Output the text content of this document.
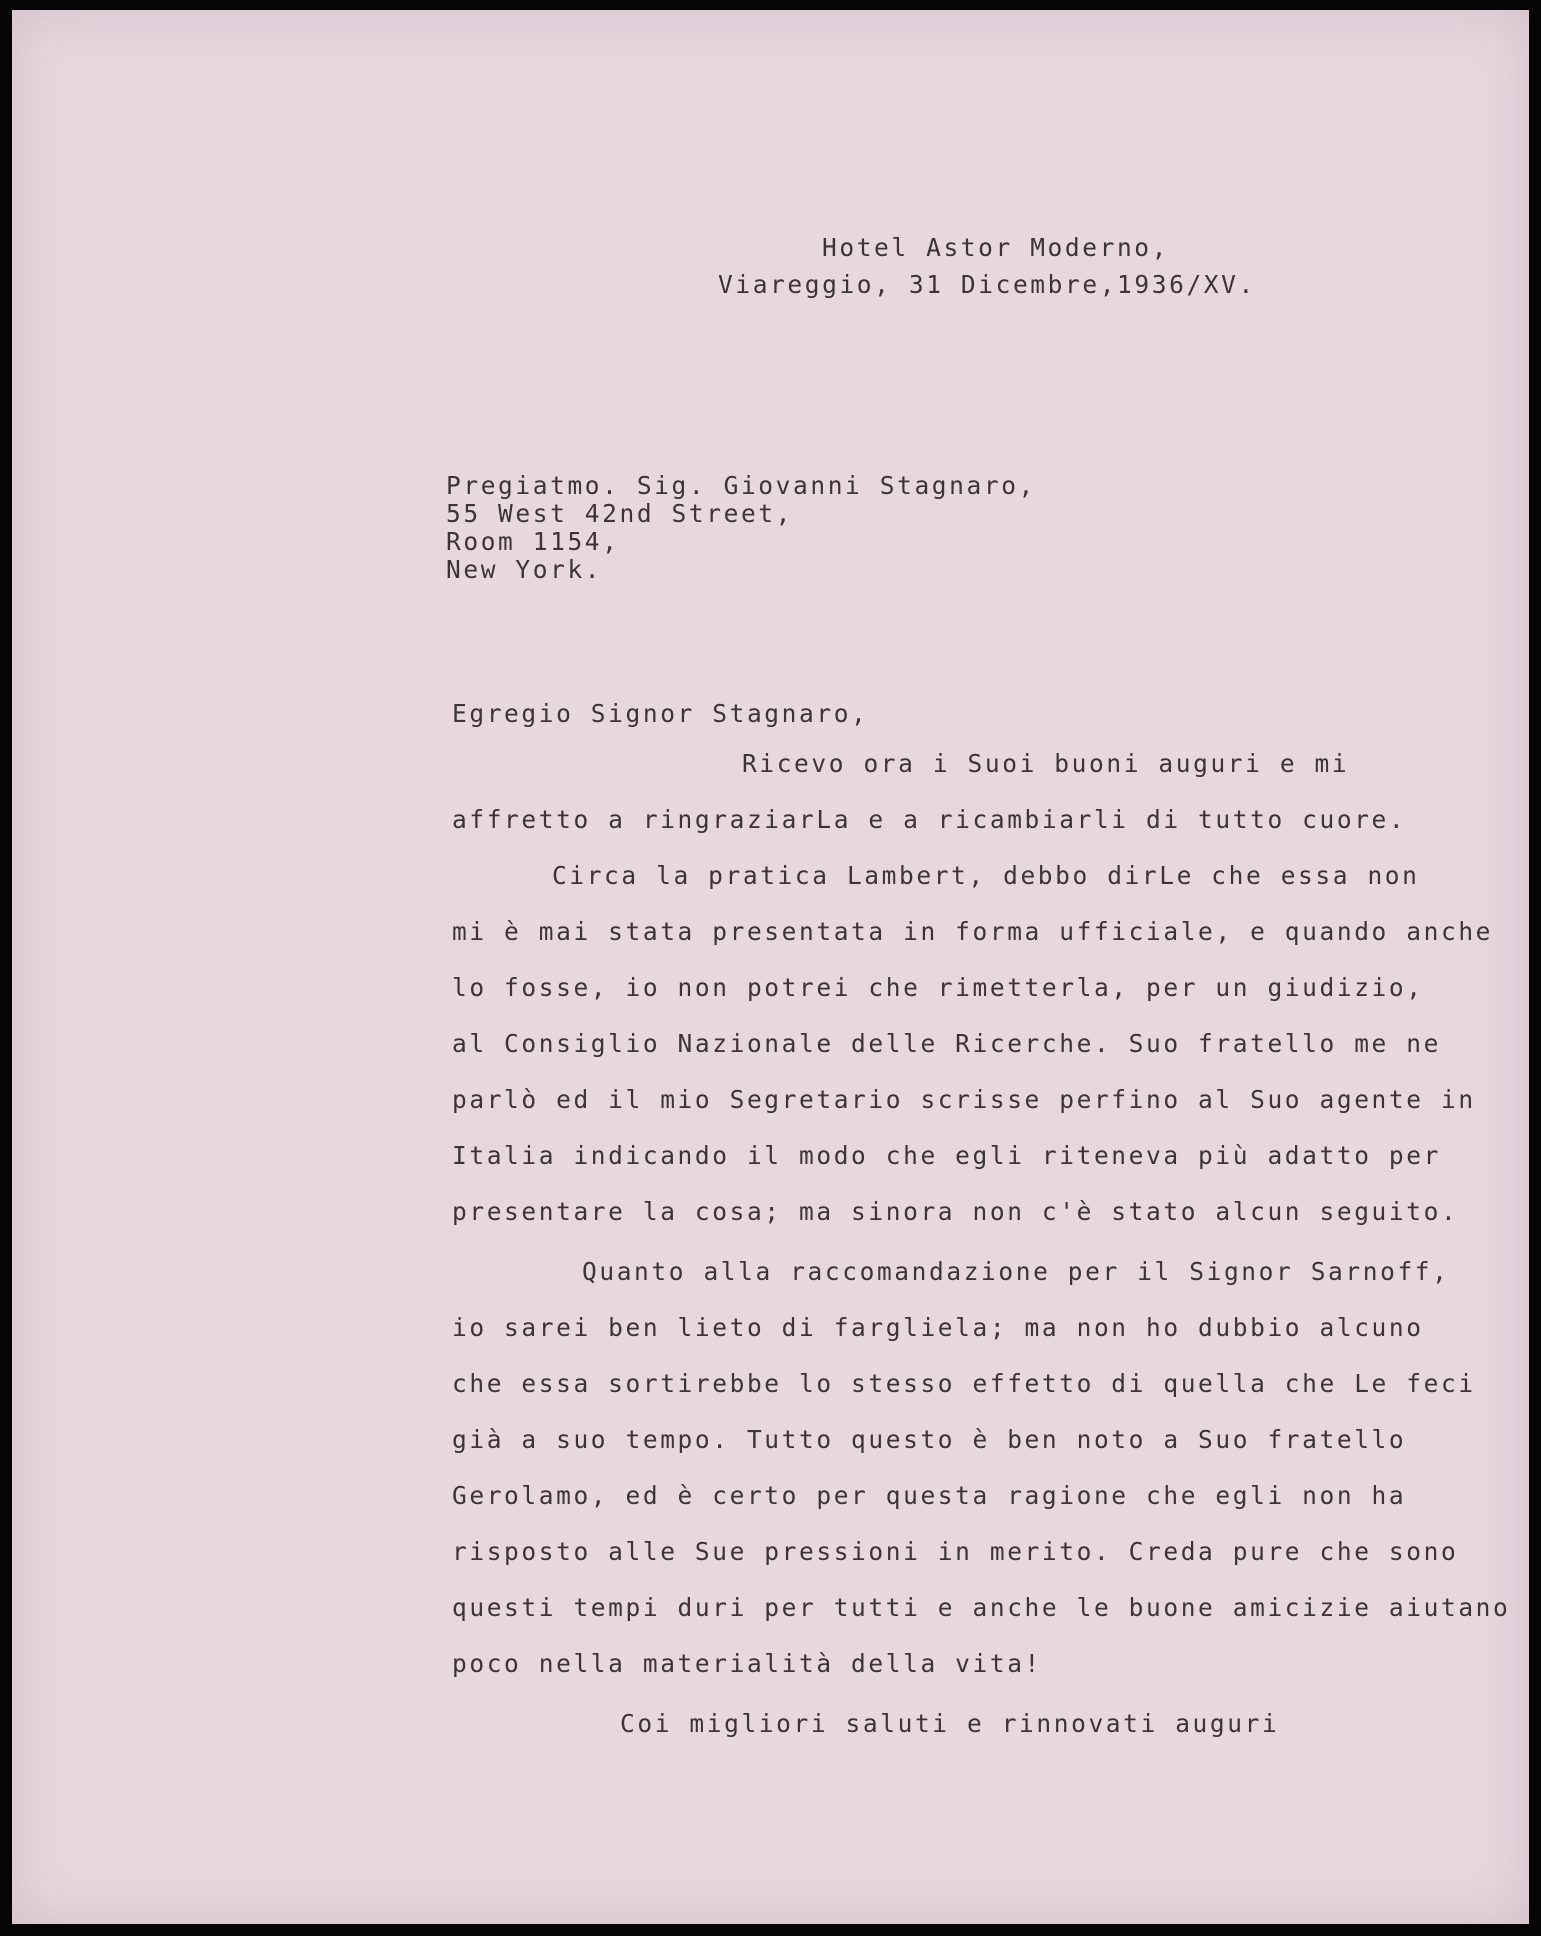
Hotel Astor Moderno,

Viareggio, 31 Dicembre,1936/XV.

Pregiatmo. Sig. Giovanni Stagnaro,

55 West 42nd Street,

Room 1154,

New York.

Egregio Signor Stagnaro,

Ricevo ora i Suoi buoni auguri e mi

affretto a ringraziarLa e a ricambiarli di tutto cuore.

Circa la pratica Lambert, debbo dirLe che essa non

mi è mai stata presentata in forma ufficiale, e quando anche

lo fosse, io non potrei che rimetterla, per un giudizio,

al Consiglio Nazionale delle Ricerche. Suo fratello me ne

parlò ed il mio Segretario scrisse perfino al Suo agente in

Italia indicando il modo che egli riteneva più adatto per

presentare la cosa; ma sinora non c'è stato alcun seguito.

Quanto alla raccomandazione per il Signor Sarnoff,

io sarei ben lieto di fargliela; ma non ho dubbio alcuno

che essa sortirebbe lo stesso effetto di quella che Le feci

già a suo tempo. Tutto questo è ben noto a Suo fratello

Gerolamo, ed è certo per questa ragione che egli non ha

risposto alle Sue pressioni in merito. Creda pure che sono

questi tempi duri per tutti e anche le buone amicizie aiutano

poco nella materialità della vita!

Coi migliori saluti e rinnovati auguri
